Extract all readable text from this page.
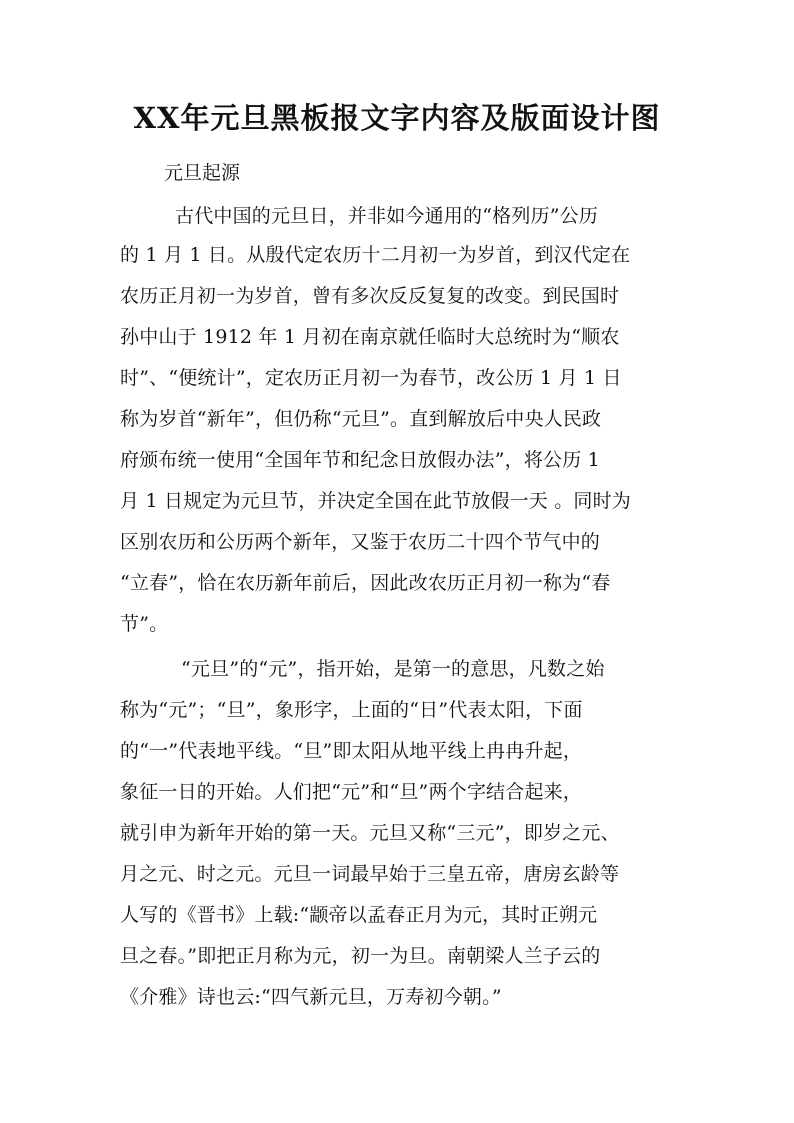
XX年元旦黑板报文字内容及版面设计图
元旦起源

古代中国的元旦日，并非如今通用的“格列历”公历

的 1 月 1 日。从殷代定农历十二月初一为岁首，到汉代定在

农历正月初一为岁首，曾有多次反反复复的改变。到民国时

孙中山于 1912 年 1 月初在南京就任临时大总统时为“顺农

时”、“便统计”，定农历正月初一为春节，改公历 1 月 1 日

称为岁首“新年”，但仍称“元旦”。直到解放后中央人民政

府颁布统一使用“全国年节和纪念日放假办法”，将公历 1

月 1 日规定为元旦节，并决定全国在此节放假一天 。同时为

区别农历和公历两个新年，又鉴于农历二十四个节气中的

“立春”，恰在农历新年前后，因此改农历正月初一称为“春

节”。

“元旦”的“元”，指开始，是第一的意思，凡数之始

称为“元”；“旦”，象形字，上面的“日”代表太阳，下面

的“一”代表地平线。“旦”即太阳从地平线上冉冉升起，

象征一日的开始。人们把“元”和“旦”两个字结合起来，

就引申为新年开始的第一天。元旦又称“三元”，即岁之元、

月之元、时之元。元旦一词最早始于三皇五帝，唐房玄龄等

人写的《晋书》上载:“颛帝以孟春正月为元，其时正朔元

旦之春。”即把正月称为元，初一为旦。南朝梁人兰子云的

《介雅》诗也云:“四气新元旦，万寿初今朝。”
